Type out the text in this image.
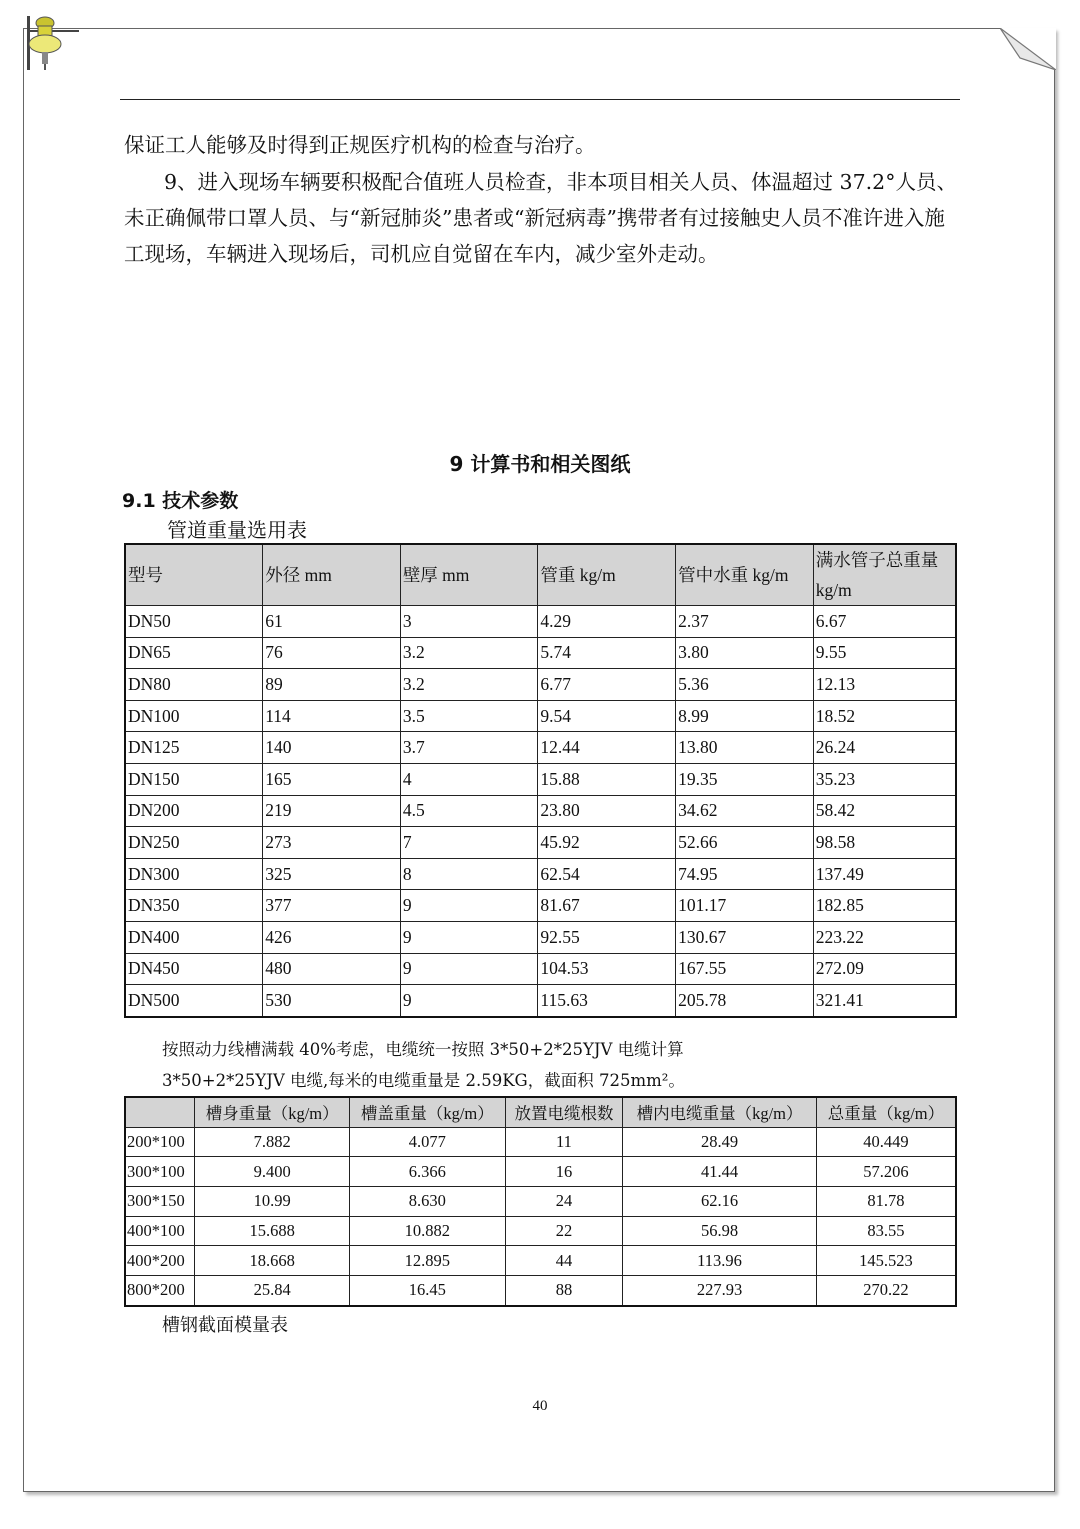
保证工人能够及时得到正规医疗机构的检查与治疗。

9、进入现场车辆要积极配合值班人员检查，非本项目相关人员、体温超过 37.2°人员、未正确佩带口罩人员、与“新冠肺炎”患者或“新冠病毒”携带者有过接触史人员不准许进入施工现场，车辆进入现场后，司机应自觉留在车内，减少室外走动。

9 计算书和相关图纸
9.1 技术参数
管道重量选用表
型号	外径 mm	壁厚 mm	管重 kg/m	管中水重 kg/m	满水管子总重量 kg/m
DN50	61	3	4.29	2.37	6.67
DN65	76	3.2	5.74	3.80	9.55
DN80	89	3.2	6.77	5.36	12.13
DN100	114	3.5	9.54	8.99	18.52
DN125	140	3.7	12.44	13.80	26.24
DN150	165	4	15.88	19.35	35.23
DN200	219	4.5	23.80	34.62	58.42
DN250	273	7	45.92	52.66	98.58
DN300	325	8	62.54	74.95	137.49
DN350	377	9	81.67	101.17	182.85
DN400	426	9	92.55	130.67	223.22
DN450	480	9	104.53	167.55	272.09
DN500	530	9	115.63	205.78	321.41
按照动力线槽满载 40%考虑，电缆统一按照 3*50+2*25YJV 电缆计算
3*50+2*25YJV 电缆,每米的电缆重量是 2.59KG，截面积 725mm²。
	槽身重量（kg/m）	槽盖重量（kg/m）	放置电缆根数	槽内电缆重量（kg/m）	总重量（kg/m）
200*100	7.882	4.077	11	28.49	40.449
300*100	9.400	6.366	16	41.44	57.206
300*150	10.99	8.630	24	62.16	81.78
400*100	15.688	10.882	22	56.98	83.55
400*200	18.668	12.895	44	113.96	145.523
800*200	25.84	16.45	88	227.93	270.22
槽钢截面模量表
40
